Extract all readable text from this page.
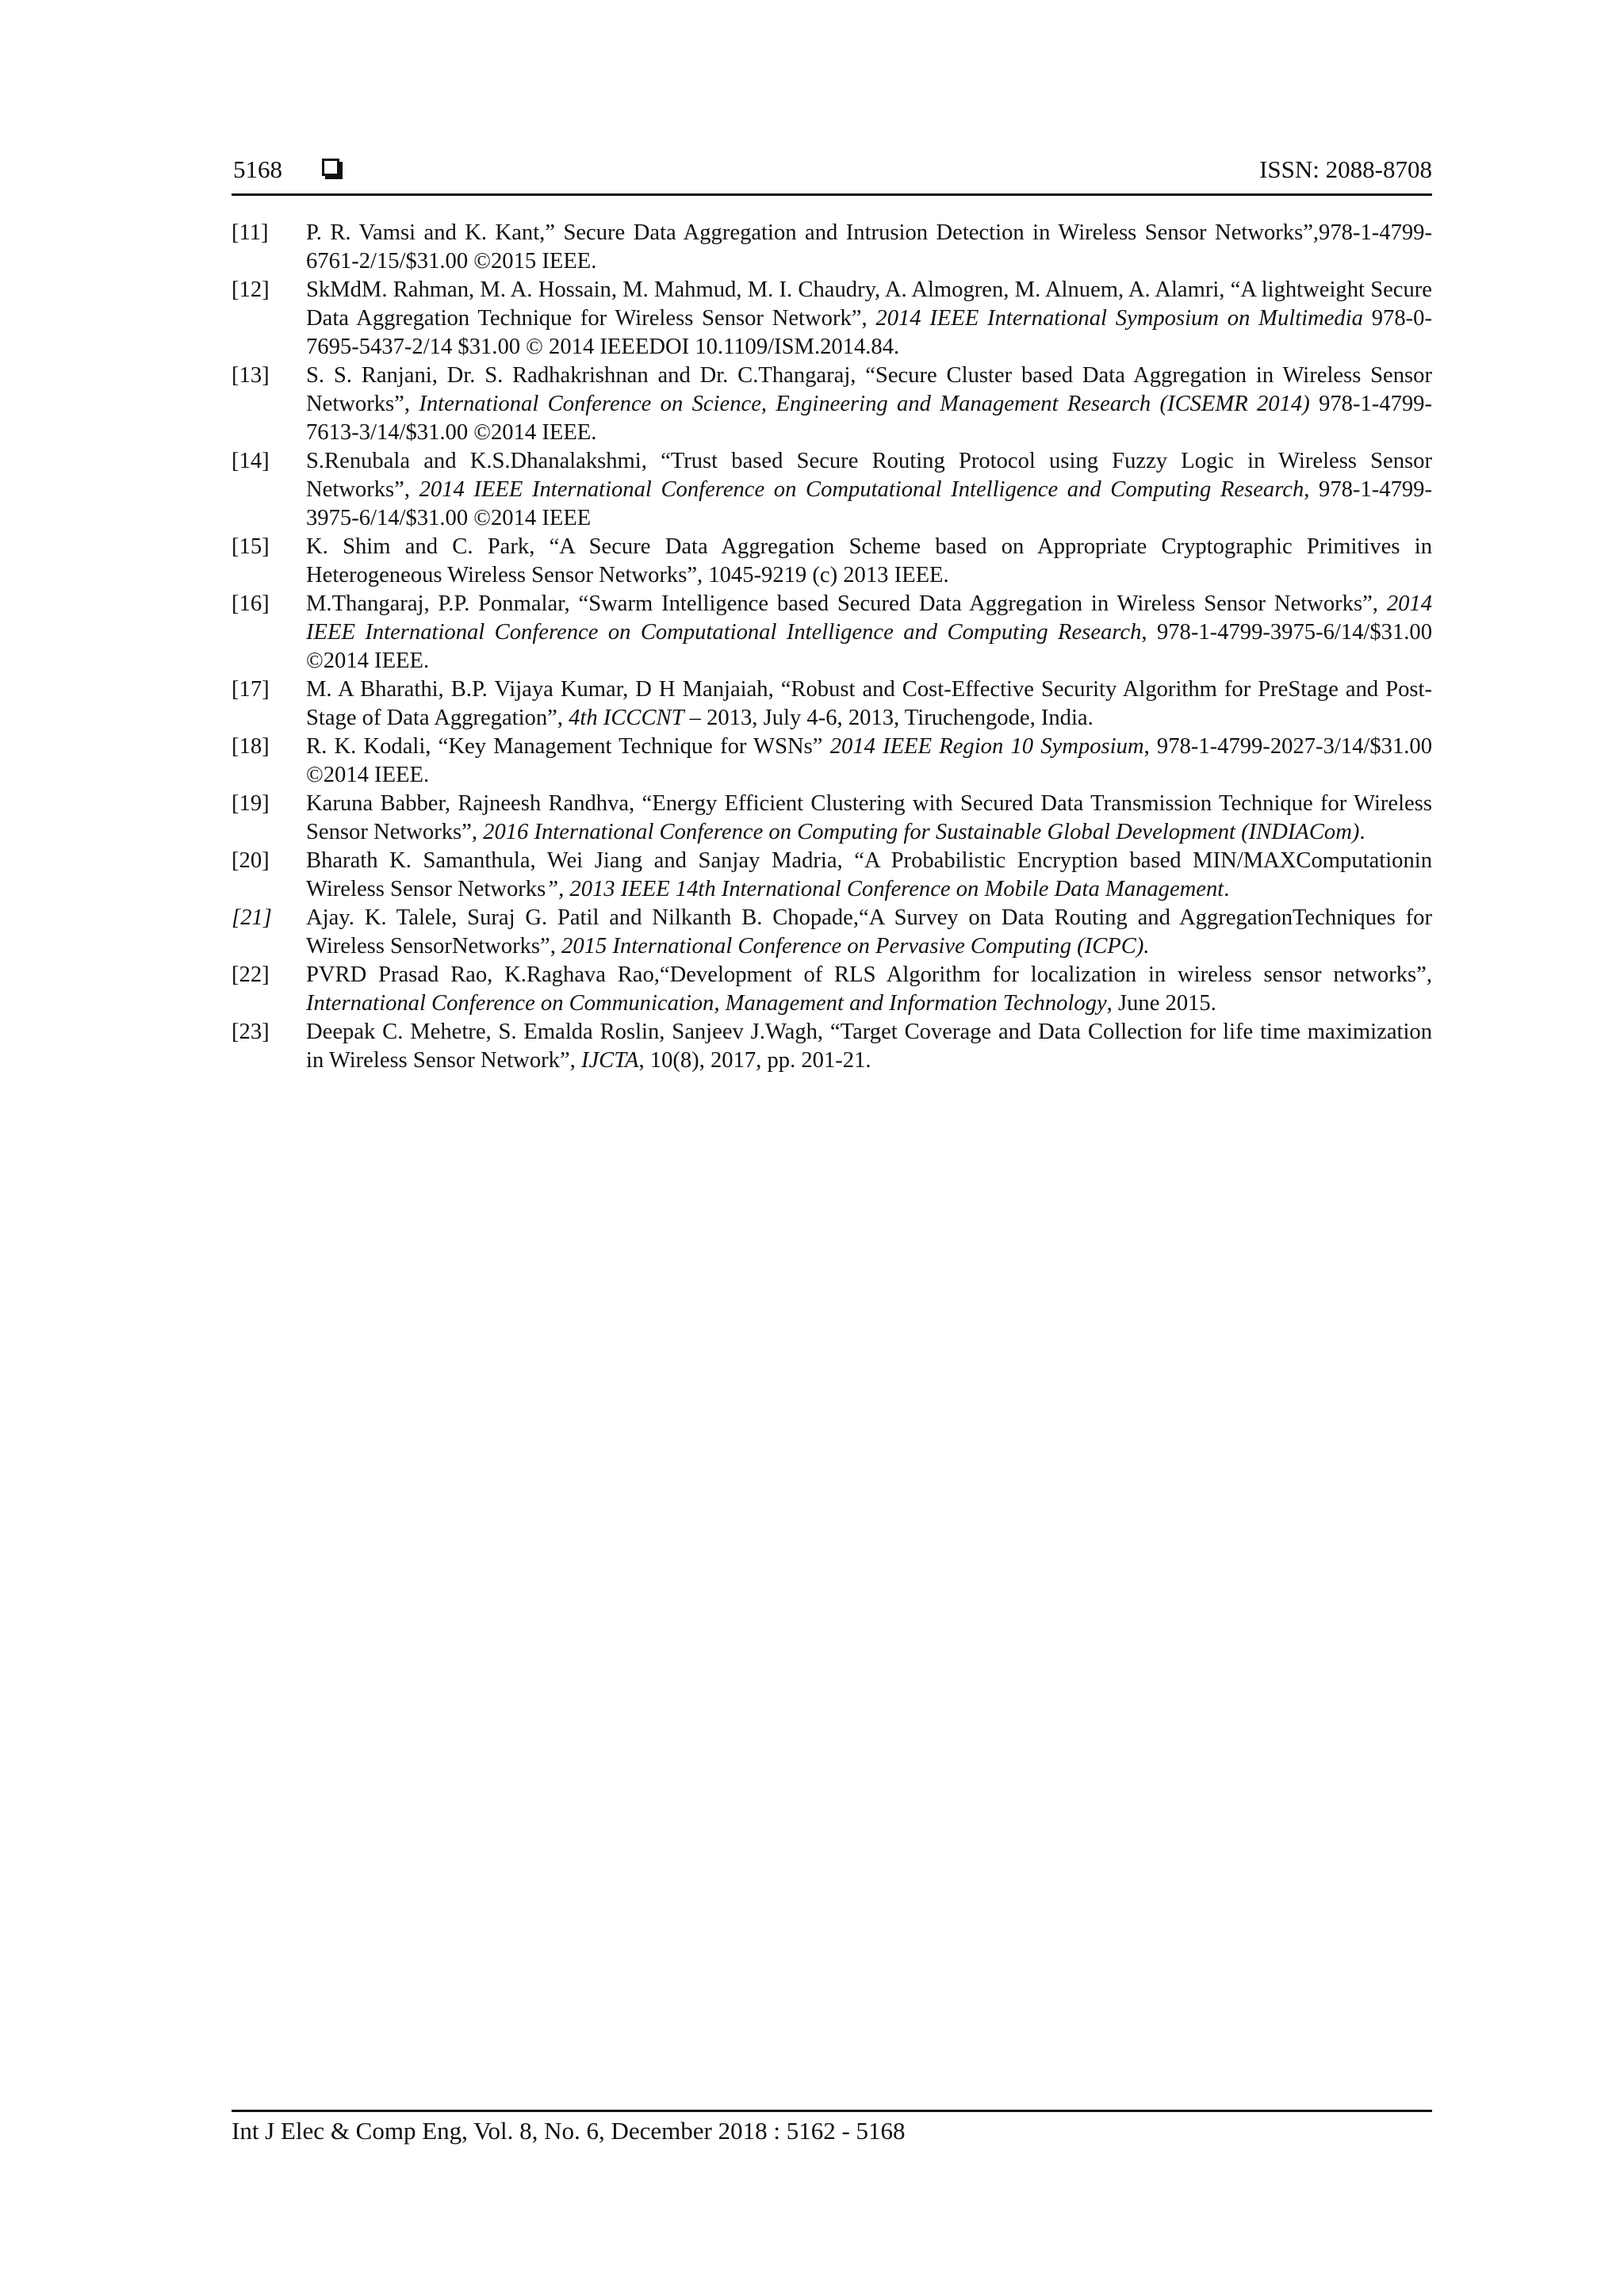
5168	ISSN: 2088-8708
[11]	P. R. Vamsi and K. Kant,” Secure Data Aggregation and Intrusion Detection in Wireless Sensor Networks”,978-1-4799-6761-2/15/$31.00 ©2015 IEEE.
[12]	SkMdM. Rahman, M. A. Hossain, M. Mahmud, M. I. Chaudry, A. Almogren, M. Alnuem, A. Alamri, “A lightweight Secure Data Aggregation Technique for Wireless Sensor Network”, 2014 IEEE International Symposium on Multimedia 978-0-7695-5437-2/14 $31.00 © 2014 IEEEDOI 10.1109/ISM.2014.84.
[13]	S. S. Ranjani, Dr. S. Radhakrishnan and Dr. C.Thangaraj, “Secure Cluster based Data Aggregation in Wireless Sensor Networks”, International Conference on Science, Engineering and Management Research (ICSEMR 2014) 978-1-4799-7613-3/14/$31.00 ©2014 IEEE.
[14]	S.Renubala and K.S.Dhanalakshmi, “Trust based Secure Routing Protocol using Fuzzy Logic in Wireless Sensor Networks”, 2014 IEEE International Conference on Computational Intelligence and Computing Research, 978-1-4799-3975-6/14/$31.00 ©2014 IEEE
[15]	K. Shim and C. Park, “A Secure Data Aggregation Scheme based on Appropriate Cryptographic Primitives in Heterogeneous Wireless Sensor Networks”, 1045-9219 (c) 2013 IEEE.
[16]	M.Thangaraj, P.P. Ponmalar, “Swarm Intelligence based Secured Data Aggregation in Wireless Sensor Networks”, 2014 IEEE International Conference on Computational Intelligence and Computing Research, 978-1-4799-3975-6/14/$31.00 ©2014 IEEE.
[17]	M. A Bharathi, B.P. Vijaya Kumar, D H Manjaiah, “Robust and Cost-Effective Security Algorithm for PreStage and Post-Stage of Data Aggregation”, 4th ICCCNT – 2013, July 4-6, 2013, Tiruchengode, India.
[18]	R. K. Kodali, “Key Management Technique for WSNs” 2014 IEEE Region 10 Symposium, 978-1-4799-2027-3/14/$31.00 ©2014 IEEE.
[19]	Karuna Babber, Rajneesh Randhva, “Energy Efficient Clustering with Secured Data Transmission Technique for Wireless Sensor Networks”, 2016 International Conference on Computing for Sustainable Global Development (INDIACom).
[20]	Bharath K. Samanthula, Wei Jiang and Sanjay Madria, “A Probabilistic Encryption based MIN/MAXComputationin Wireless Sensor Networks”, 2013 IEEE 14th International Conference on Mobile Data Management.
[21]	Ajay. K. Talele, Suraj G. Patil and Nilkanth B. Chopade,“A Survey on Data Routing and AggregationTechniques for Wireless SensorNetworks”, 2015 International Conference on Pervasive Computing (ICPC).
[22]	PVRD Prasad Rao, K.Raghava Rao,“Development of RLS Algorithm for localization in wireless sensor networks”, International Conference on Communication, Management and Information Technology, June 2015.
[23]	Deepak C. Mehetre, S. Emalda Roslin, Sanjeev J.Wagh, “Target Coverage and Data Collection for life time maximization in Wireless Sensor Network”, IJCTA, 10(8), 2017, pp. 201-21.
Int J Elec & Comp Eng, Vol. 8, No. 6, December 2018 : 5162 - 5168
